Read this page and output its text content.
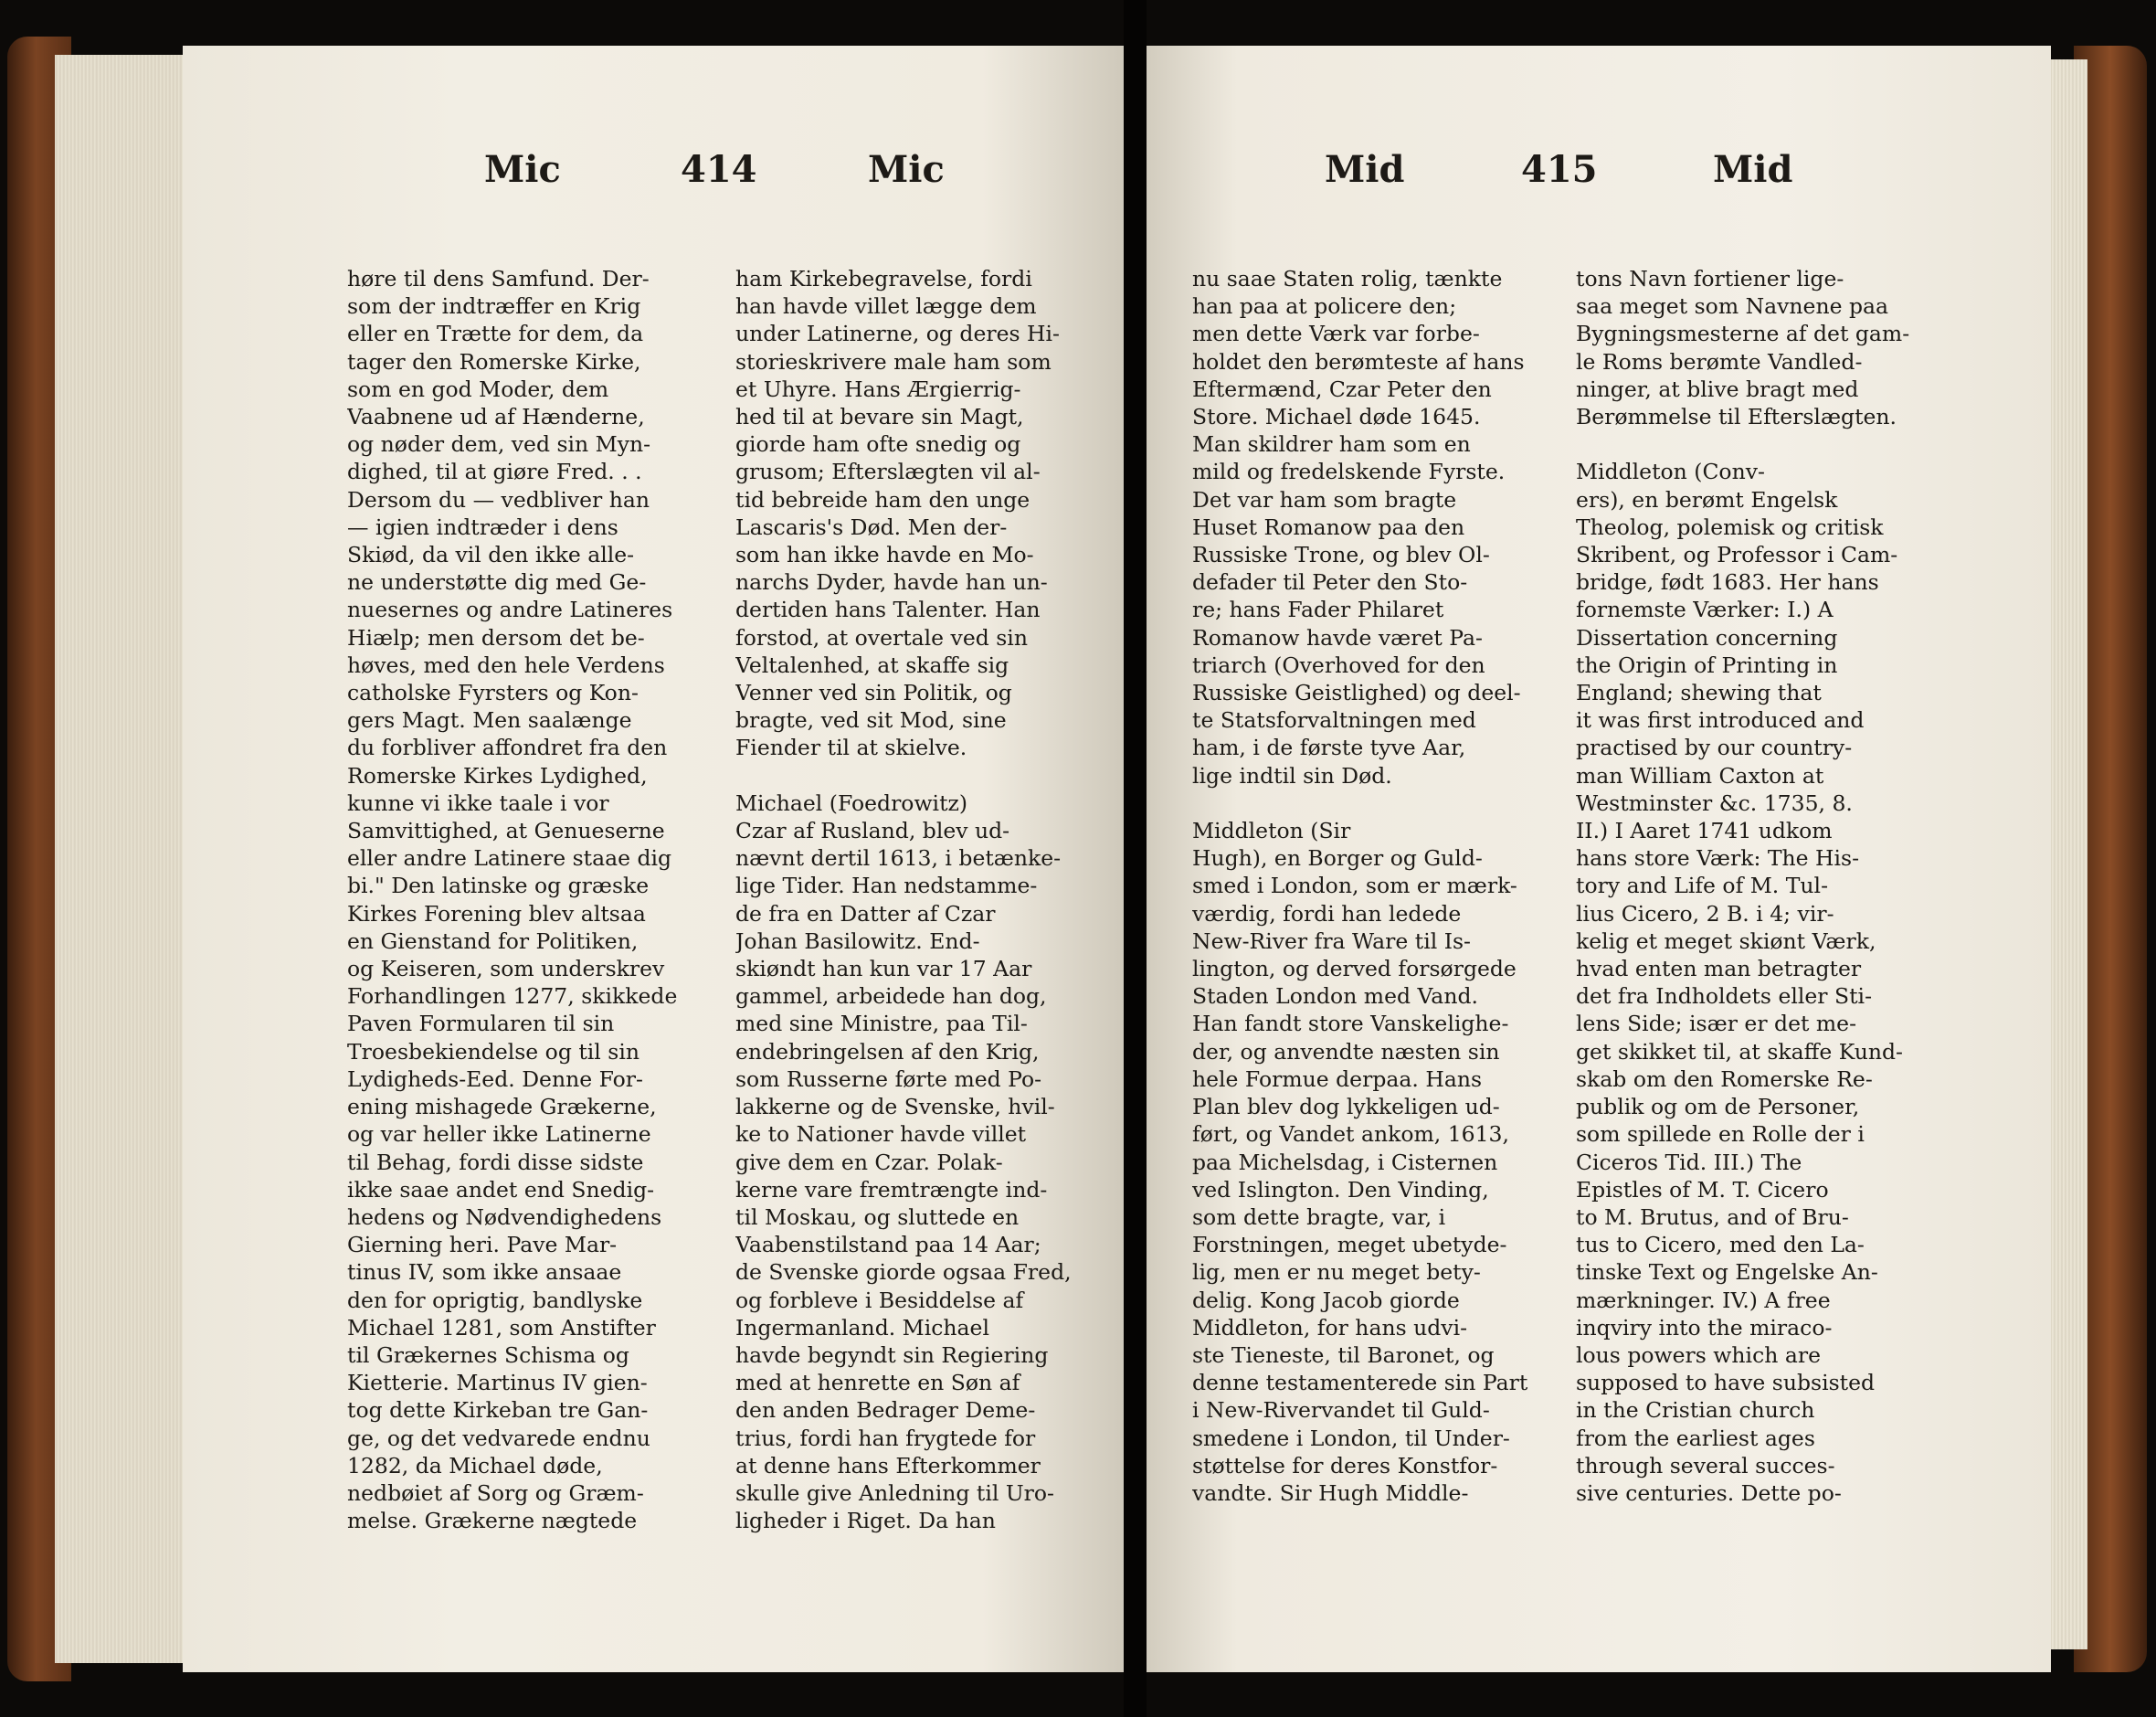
Mic	414	Mic
høre til dens Samfund. Der-
som der indtræffer en Krig
eller en Trætte for dem, da
tager den Romerske Kirke,
som en god Moder, dem
Vaabnene ud af Hænderne,
og nøder dem, ved sin Myn-
dighed, til at giøre Fred. . .
Dersom du — vedbliver han
— igien indtræder i dens
Skiød, da vil den ikke alle-
ne understøtte dig med Ge-
nuesernes og andre Latineres
Hiælp; men dersom det be-
høves, med den hele Verdens
catholske Fyrsters og Kon-
gers Magt. Men saalænge
du forbliver affondret fra den
Romerske Kirkes Lydighed,
kunne vi ikke taale i vor
Samvittighed, at Genueserne
eller andre Latinere staae dig
bi." Den latinske og græske
Kirkes Forening blev altsaa
en Gienstand for Politiken,
og Keiseren, som underskrev
Forhandlingen 1277, skikkede
Paven Formularen til sin
Troesbekiendelse og til sin
Lydigheds-Eed. Denne For-
ening mishagede Grækerne,
og var heller ikke Latinerne
til Behag, fordi disse sidste
ikke saae andet end Snedig-
hedens og Nødvendighedens
Gierning heri. Pave Mar-
tinus IV, som ikke ansaae
den for oprigtig, bandlyske
Michael 1281, som Anstifter
til Grækernes Schisma og
Kietterie. Martinus IV gien-
tog dette Kirkeban tre Gan-
ge, og det vedvarede endnu
1282, da Michael døde,
nedbøiet af Sorg og Græm-
melse. Grækerne nægtede
ham Kirkebegravelse, fordi
han havde villet lægge dem
under Latinerne, og deres Hi-
storieskrivere male ham som
et Uhyre. Hans Ærgierrig-
hed til at bevare sin Magt,
giorde ham ofte snedig og
grusom; Efterslægten vil al-
tid bebreide ham den unge
Lascaris's Død. Men der-
som han ikke havde en Mo-
narchs Dyder, havde han un-
dertiden hans Talenter. Han
forstod, at overtale ved sin
Veltalenhed, at skaffe sig
Venner ved sin Politik, og
bragte, ved sit Mod, sine
Fiender til at skielve.

Michael (Foedrowitz)
Czar af Rusland, blev ud-
nævnt dertil 1613, i betænke-
lige Tider. Han nedstamme-
de fra en Datter af Czar
Johan Basilowitz. End-
skiøndt han kun var 17 Aar
gammel, arbeidede han dog,
med sine Ministre, paa Til-
endebringelsen af den Krig,
som Russerne førte med Po-
lakkerne og de Svenske, hvil-
ke to Nationer havde villet
give dem en Czar. Polak-
kerne vare fremtrængte ind-
til Moskau, og sluttede en
Vaabenstilstand paa 14 Aar;
de Svenske giorde ogsaa Fred,
og forblevе i Besiddelse af
Ingermanland. Michael
havde begyndt sin Regiering
med at henrette en Søn af
den anden Bedrager Deme-
trius, fordi han frygtede for
at denne hans Efterkommer
skulle give Anledning til Uro-
ligheder i Riget. Da han
Mid	415	Mid
nu saae Staten rolig, tænkte
han paa at policere den;
men dette Værk var forbe-
holdet den berømteste af hans
Eftermænd, Czar Peter den
Store. Michael døde 1645.
Man skildrer ham som en
mild og fredelskende Fyrste.
Det var ham som bragte
Huset Romanow paa den
Russiske Trone, og blev Ol-
defader til Peter den Sto-
re; hans Fader Philaret
Romanow havde været Pa-
triarch (Overhoved for den
Russiske Geistlighed) og deel-
te Statsforvaltningen med
ham, i de første tyve Aar,
lige indtil sin Død.

Middleton (Sir
Hugh), en Borger og Guld-
smed i London, som er mærk-
værdig, fordi han ledede
New-River fra Ware til Is-
lington, og derved forsørgede
Staden London med Vand.
Han fandt store Vanskelighe-
der, og anvendte næsten sin
hele Formue derpaa. Hans
Plan blev dog lykkeligen ud-
ført, og Vandet ankom, 1613,
paa Michelsdag, i Cisternen
ved Islington. Den Vinding,
som dette bragte, var, i
Forstningen, meget ubetyde-
lig, men er nu meget bety-
delig. Kong Jacob giorde
Middleton, for hans udvi-
ste Tieneste, til Baronet, og
denne testamenterede sin Part
i New-Rivervandet til Guld-
smedene i London, til Under-
støttelse for deres Konstfor-
vandte. Sir Hugh Middle-
tons Navn fortiener lige-
saa meget som Navnene paa
Bygningsmesterne af det gam-
le Roms berømte Vandled-
ninger, at blive bragt med
Berømmelse til Efterslægten.

Middleton (Conv-
ers), en berømt Engelsk
Theolog, polemisk og critisk
Skribent, og Professor i Cam-
bridge, født 1683. Her hans
fornemste Værker: I.) A
Dissertation concerning
the Origin of Printing in
England; shewing that
it was first introduced and
practised by our country-
man William Caxton at
Westminster &c. 1735, 8.
II.) I Aaret 1741 udkom
hans store Værk: The His-
tory and Life of M. Tul-
lius Cicero, 2 B. i 4; vir-
kelig et meget skiønt Værk,
hvad enten man betragter
det fra Indholdets eller Sti-
lens Side; især er det me-
get skikket til, at skaffe Kund-
skab om den Romerske Re-
publik og om de Personer,
som spillede en Rolle der i
Ciceros Tid. III.) The
Epistles of M. T. Cicero
to M. Brutus, and of Bru-
tus to Cicero, med den La-
tinske Text og Engelske An-
mærkninger. IV.) A free
inqviry into the miraco-
lous powers which are
supposed to have subsisted
in the Cristian church
from the earliest ages
through several succes-
sive centuries. Dette po-
